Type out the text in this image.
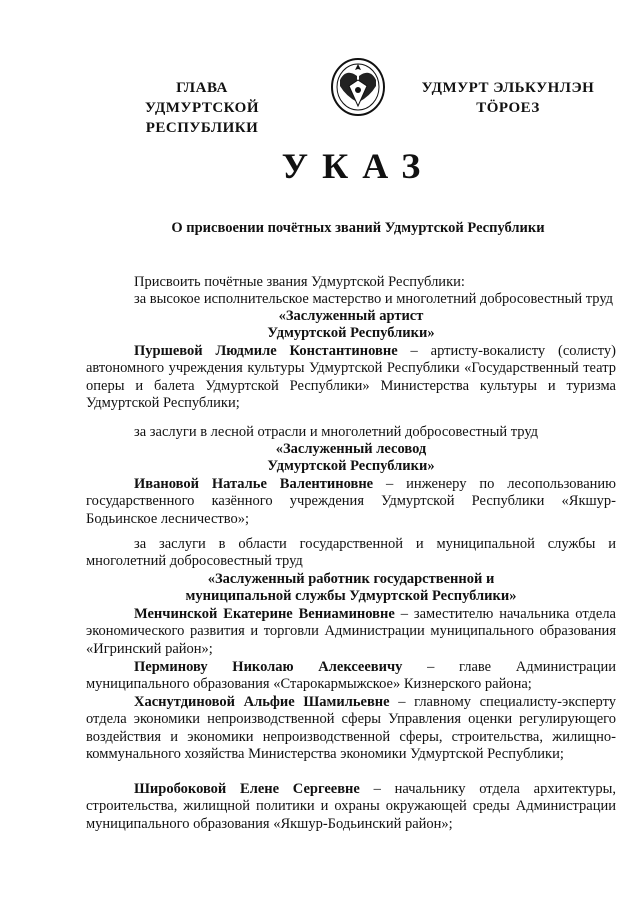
ГЛАВА
УДМУРТСКОЙ РЕСПУБЛИКИ
УДМУРТ ЭЛЬКУНЛЭН
ТӦРОЕЗ
УКАЗ
О присвоении почётных званий Удмуртской Республики
Присвоить почётные звания Удмуртской Республики:
за высокое исполнительское мастерство и многолетний добросовестный труд
«Заслуженный артист
Удмуртской Республики»
Пуршевой Людмиле Константиновне – артисту-вокалисту (солисту) автономного учреждения культуры Удмуртской Республики «Государственный театр оперы и балета Удмуртской Республики» Министерства культуры и туризма Удмуртской Республики;
за заслуги в лесной отрасли и многолетний добросовестный труд
«Заслуженный лесовод
Удмуртской Республики»
Ивановой Наталье Валентиновне – инженеру по лесопользованию государственного казённого учреждения Удмуртской Республики «Якшур-Бодьинское лесничество»;
за заслуги в области государственной и муниципальной службы и многолетний добросовестный труд
«Заслуженный работник государственной и
муниципальной службы Удмуртской Республики»
Менчинской Екатерине Вениаминовне – заместителю начальника отдела экономического развития и торговли Администрации муниципального образования «Игринский район»;
Перминову Николаю Алексеевичу – главе Администрации муниципального образования «Старокармыжское» Кизнерского района;
Хаснутдиновой Альфие Шамильевне – главному специалисту-эксперту отдела экономики непроизводственной сферы Управления оценки регулирующего воздействия и экономики непроизводственной сферы, строительства, жилищно-коммунального хозяйства Министерства экономики Удмуртской Республики;
Широбоковой Елене Сергеевне – начальнику отдела архитектуры, строительства, жилищной политики и охраны окружающей среды Администрации муниципального образования «Якшур-Бодьинский район»;
